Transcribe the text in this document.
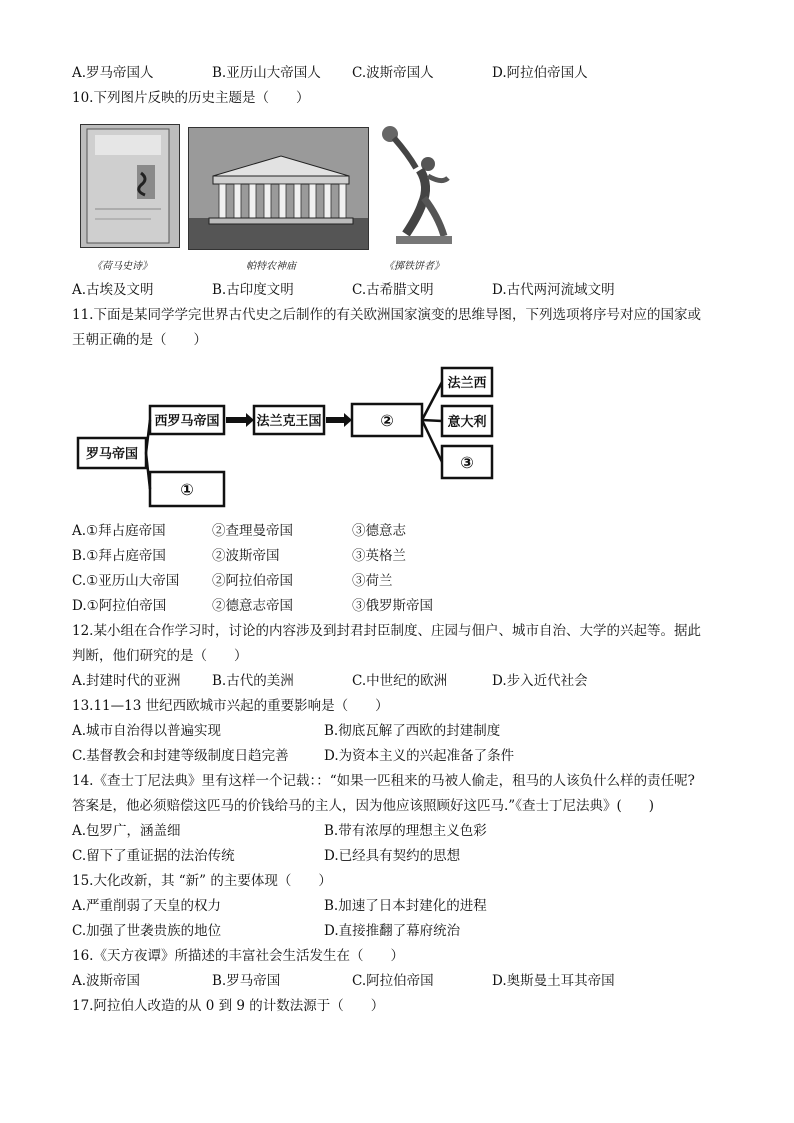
A.罗马帝国人	B.亚历山大帝国人 C.波斯帝国人	D.阿拉伯帝国人
10.下列图片反映的历史主题是（　　）
《荷马史诗》	帕特农神庙	《掷铁饼者》
A.古埃及文明	B.古印度文明	C.古希腊文明	D.古代两河流域文明
11.下面是某同学学完世界古代史之后制作的有关欧洲国家演变的思维导图，下列选项将序号对应的国家或
王朝正确的是（　　）
罗马帝国
西罗马帝国	法兰克王国	②
法兰西
意大利
③
①
A.①拜占庭帝国	②查理曼帝国	③德意志
B.①拜占庭帝国	②波斯帝国	③英格兰
C.①亚历山大帝国 ②阿拉伯帝国	③荷兰
D.①阿拉伯帝国	②德意志帝国	③俄罗斯帝国
12.某小组在合作学习时，讨论的内容涉及到封君封臣制度、庄园与佃户、城市自治、大学的兴起等。据此
判断，他们研究的是（　　）
A.封建时代的亚洲 B.古代的美洲	C.中世纪的欧洲	D.步入近代社会
13.11—13 世纪西欧城市兴起的重要影响是（　　）
A.城市自治得以普遍实现	B.彻底瓦解了西欧的封建制度
C.基督教会和封建等级制度日趋完善	D.为资本主义的兴起准备了条件
14.《查士丁尼法典》里有这样一个记载：：“如果一匹租来的马被人偷走，租马的人该负什么样的责任呢?
答案是，他必须赔偿这匹马的价钱给马的主人，因为他应该照顾好这匹马.”《查士丁尼法典》(　　)
A.包罗广，涵盖细	B.带有浓厚的理想主义色彩
C.留下了重证据的法治传统	D.已经具有契约的思想
15.大化改新，其 “新” 的主要体现（　　）
A.严重削弱了天皇的权力	B.加速了日本封建化的进程
C.加强了世袭贵族的地位	D.直接推翻了幕府统治
16.《天方夜谭》所描述的丰富社会生活发生在（　　）
A.波斯帝国	B.罗马帝国	C.阿拉伯帝国	D.奥斯曼土耳其帝国
17.阿拉伯人改造的从 0 到 9 的计数法源于（　　）
